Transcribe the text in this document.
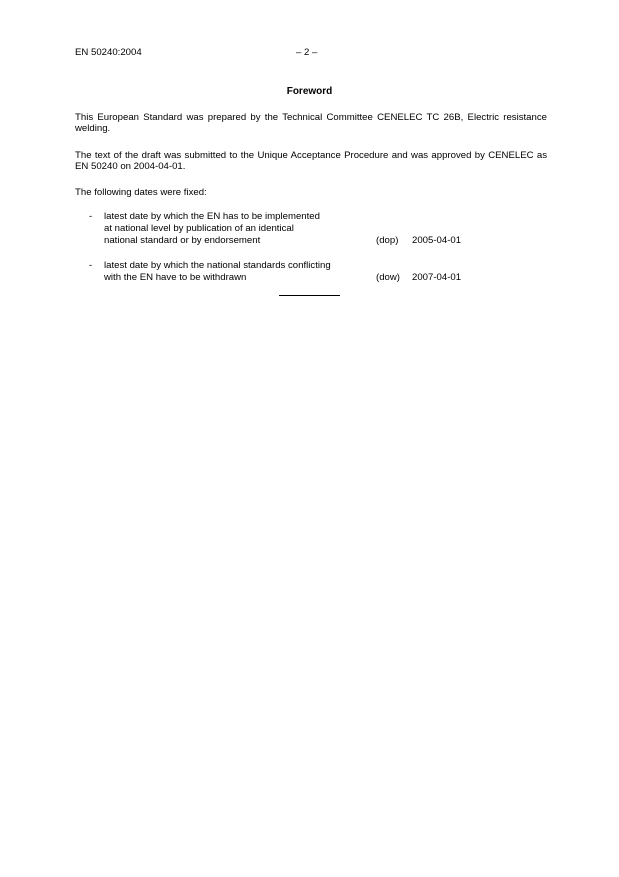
EN 50240:2004	– 2 –
Foreword
This European Standard was prepared by the Technical Committee CENELEC TC 26B, Electric resistance welding.
The text of the draft was submitted to the Unique Acceptance Procedure and was approved by CENELEC as EN 50240 on 2004-04-01.
The following dates were fixed:
- latest date by which the EN has to be implemented
at national level by publication of an identical
national standard or by endorsement	(dop) 2005-04-01
- latest date by which the national standards conflicting
with the EN have to be withdrawn	(dow) 2007-04-01
